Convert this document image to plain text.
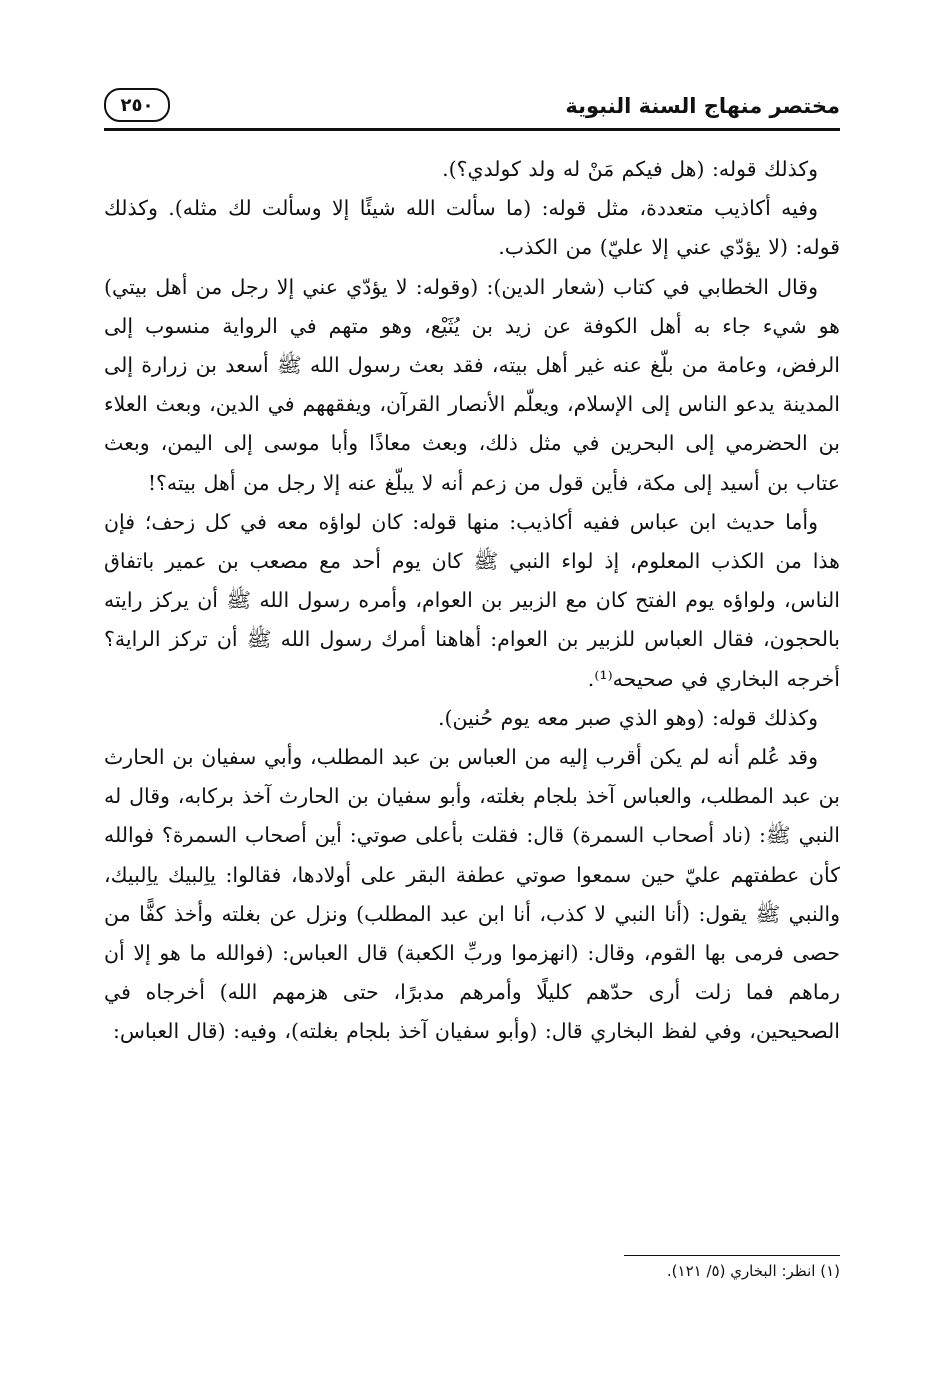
٢٥٠	مختصر منهاج السنة النبوية

وكذلك قوله: (هل فيكم مَنْ له ولد كولدي؟).

وفيه أكاذيب متعددة، مثل قوله: (ما سألت الله شيئًا إلا وسألت لك مثله). وكذلك قوله: (لا يؤدّي عني إلا عليّ) من الكذب.

وقال الخطابي في كتاب (شعار الدين): (وقوله: لا يؤدّي عني إلا رجل من أهل بيتي) هو شيء جاء به أهل الكوفة عن زيد بن يُثَيْع، وهو متهم في الرواية منسوب إلى الرفض، وعامة من بلّغ عنه غير أهل بيته، فقد بعث رسول الله ﷺ أسعد بن زرارة إلى المدينة يدعو الناس إلى الإسلام، ويعلّم الأنصار القرآن، ويفقههم في الدين، وبعث العلاء بن الحضرمي إلى البحرين في مثل ذلك، وبعث معاذًا وأبا موسى إلى اليمن، وبعث عتاب بن أسيد إلى مكة، فأين قول من زعم أنه لا يبلّغ عنه إلا رجل من أهل بيته؟!

وأما حديث ابن عباس ففيه أكاذيب: منها قوله: كان لواؤه معه في كل زحف؛ فإن هذا من الكذب المعلوم، إذ لواء النبي ﷺ كان يوم أحد مع مصعب بن عمير باتفاق الناس، ولواؤه يوم الفتح كان مع الزبير بن العوام، وأمره رسول الله ﷺ أن يركز رايته بالحجون، فقال العباس للزبير بن العوام: أهاهنا أمرك رسول الله ﷺ أن تركز الراية؟ أخرجه البخاري في صحيحه⁽¹⁾.

وكذلك قوله: (وهو الذي صبر معه يوم حُنين).

وقد عُلم أنه لم يكن أقرب إليه من العباس بن عبد المطلب، وأبي سفيان بن الحارث بن عبد المطلب، والعباس آخذ بلجام بغلته، وأبو سفيان بن الحارث آخذ بركابه، وقال له النبي ﷺ: (ناد أصحاب السمرة) قال: فقلت بأعلى صوتي: أين أصحاب السمرة؟ فوالله كأن عطفتهم عليّ حين سمعوا صوتي عطفة البقر على أولادها، فقالوا: ياِلبيك ياِلبيك، والنبي ﷺ يقول: (أنا النبي لا كذب، أنا ابن عبد المطلب) ونزل عن بغلته وأخذ كفًّا من حصى فرمى بها القوم، وقال: (انهزموا وربِّ الكعبة) قال العباس: (فوالله ما هو إلا أن رماهم فما زلت أرى حدّهم كليلًا وأمرهم مدبرًا، حتى هزمهم الله) أخرجاه في الصحيحين، وفي لفظ البخاري قال: (وأبو سفيان آخذ بلجام بغلته)، وفيه: (قال العباس:

(١) انظر: البخاري (٥/ ١٢١).
